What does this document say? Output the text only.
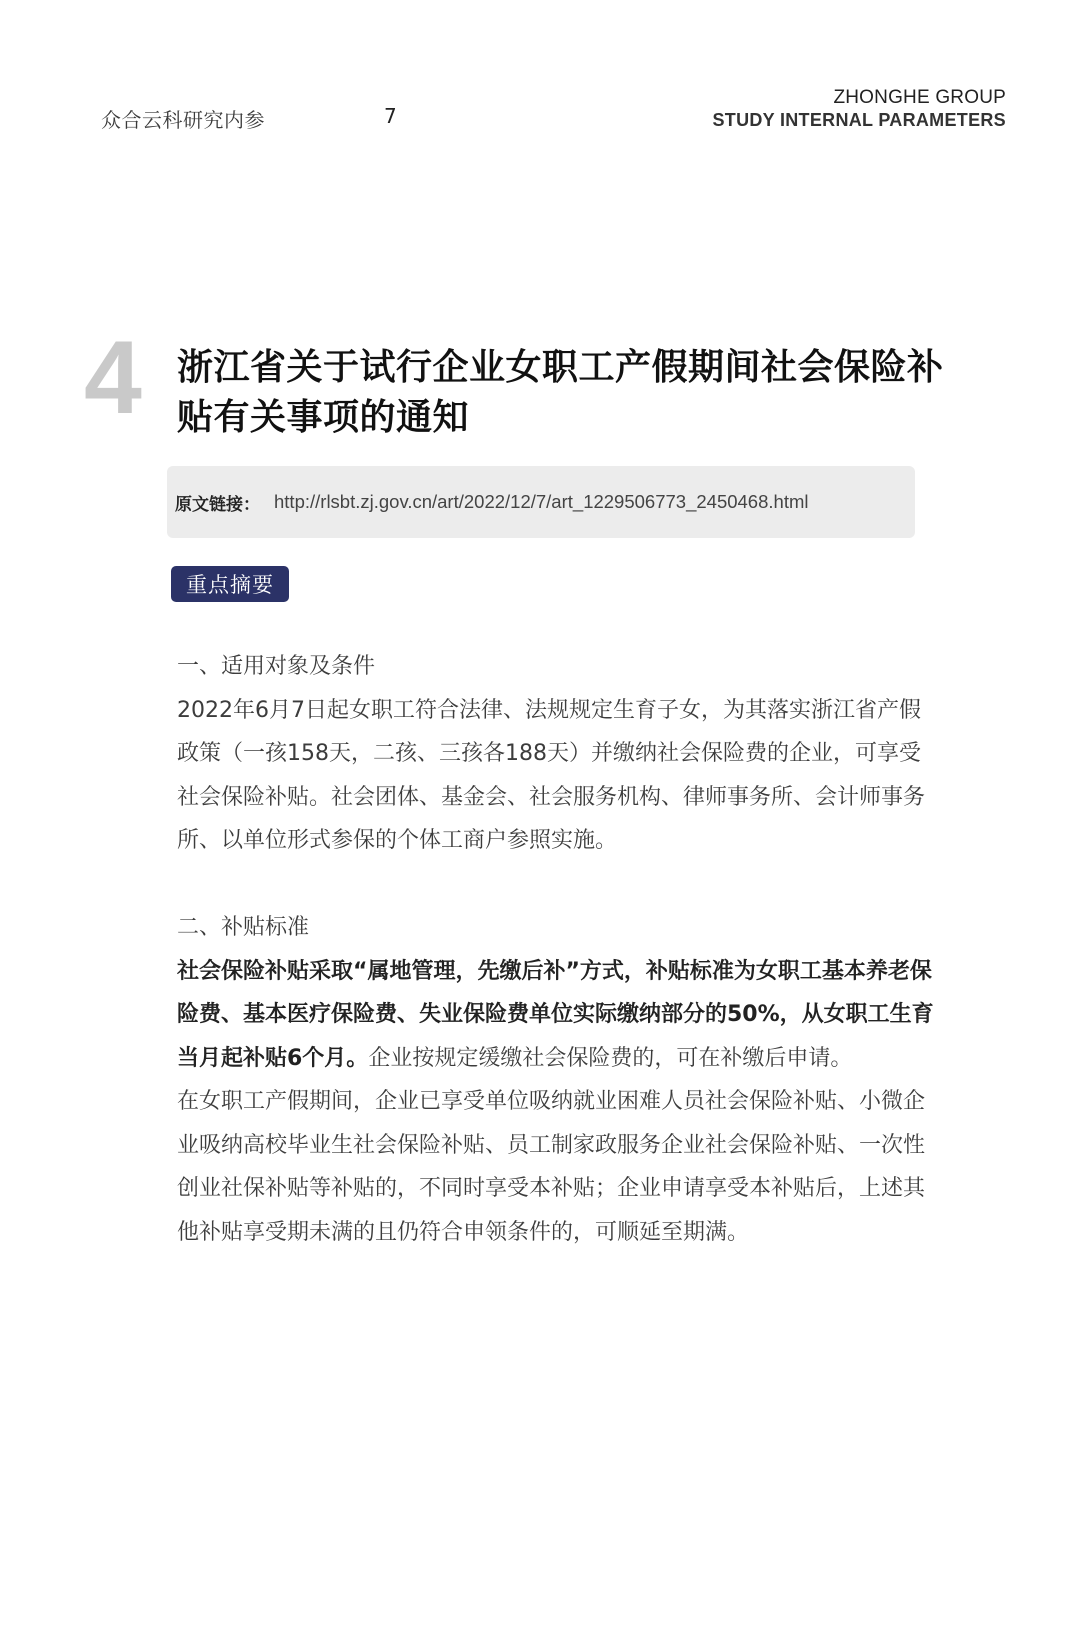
众合云科研究内参	7
ZHONGHE GROUP
STUDY INTERNAL PARAMETERS
4 浙江省关于试行企业女职工产假期间社会保险补贴有关事项的通知
原文链接： http://rlsbt.zj.gov.cn/art/2022/12/7/art_1229506773_2450468.html
重点摘要

一、适用对象及条件

2022年6月7日起女职工符合法律、法规规定生育子女，为其落实浙江省产假政策（一孩158天，二孩、三孩各188天）并缴纳社会保险费的企业，可享受社会保险补贴。社会团体、基金会、社会服务机构、律师事务所、会计师事务所、以单位形式参保的个体工商户参照实施。

二、补贴标准

社会保险补贴采取“属地管理，先缴后补”方式，补贴标准为女职工基本养老保险费、基本医疗保险费、失业保险费单位实际缴纳部分的50%，从女职工生育当月起补贴6个月。企业按规定缓缴社会保险费的，可在补缴后申请。

在女职工产假期间，企业已享受单位吸纳就业困难人员社会保险补贴、小微企业吸纳高校毕业生社会保险补贴、员工制家政服务企业社会保险补贴、一次性创业社保补贴等补贴的，不同时享受本补贴；企业申请享受本补贴后，上述其他补贴享受期未满的且仍符合申领条件的，可顺延至期满。
